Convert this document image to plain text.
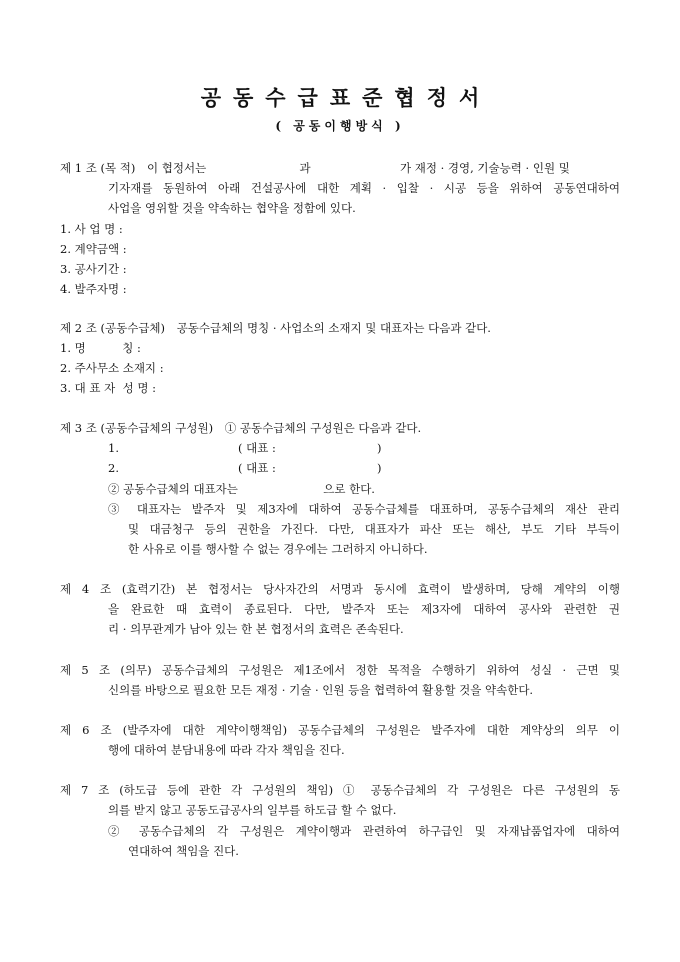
공동수급표준협정서
( 공동이행방식 )
제 1 조 (목 적) 이 협정서는	과	가 재정 · 경영, 기술능력 · 인원 및
기자재를 동원하여 아래 건설공사에 대한 계획 · 입찰 · 시공 등을 위하여 공동연대하여
사업을 영위할 것을 약속하는 협약을 정함에 있다.
1. 사 업 명 :
2. 계약금액 :
3. 공사기간 :
4. 발주자명 :
제 2 조 (공동수급체) 공동수급체의 명칭 · 사업소의 소재지 및 대표자는 다음과 같다.
1. 명          칭 :
2. 주사무소 소재지 :
3. 대 표 자  성 명 :
제 3 조 (공동수급체의 구성원) ① 공동수급체의 구성원은 다음과 같다.
1.	( 대표 :	)
2.	( 대표 :	)
② 공동수급체의 대표자는	으로 한다.
③ 대표자는 발주자 및 제3자에 대하여 공동수급체를 대표하며, 공동수급체의 재산 관리
및 대금청구 등의 권한을 가진다. 다만, 대표자가 파산 또는 해산, 부도 기타 부득이
한 사유로 이를 행사할 수 없는 경우에는 그러하지 아니하다.
제 4 조 (효력기간) 본 협정서는 당사자간의 서명과 동시에 효력이 발생하며, 당해 계약의 이행
을 완료한 때 효력이 종료된다. 다만, 발주자 또는 제3자에 대하여 공사와 관련한 권
리 · 의무관계가 남아 있는 한 본 협정서의 효력은 존속된다.
제 5 조 (의무) 공동수급체의 구성원은 제1조에서 정한 목적을 수행하기 위하여 성실 · 근면 및
신의를 바탕으로 필요한 모든 재정 · 기술 · 인원 등을 협력하여 활용할 것을 약속한다.
제 6 조 (발주자에 대한 계약이행책임) 공동수급체의 구성원은 발주자에 대한 계약상의 의무 이
행에 대하여 분담내용에 따라 각자 책임을 진다.
제 7 조 (하도급 등에 관한 각 구성원의 책임) ① 공동수급체의 각 구성원은 다른 구성원의 동
의를 받지 않고 공동도급공사의 일부를 하도급 할 수 없다.
② 공동수급체의 각 구성원은 계약이행과 관련하여 하구급인 및 자재납품업자에 대하여
연대하여 책임을 진다.
